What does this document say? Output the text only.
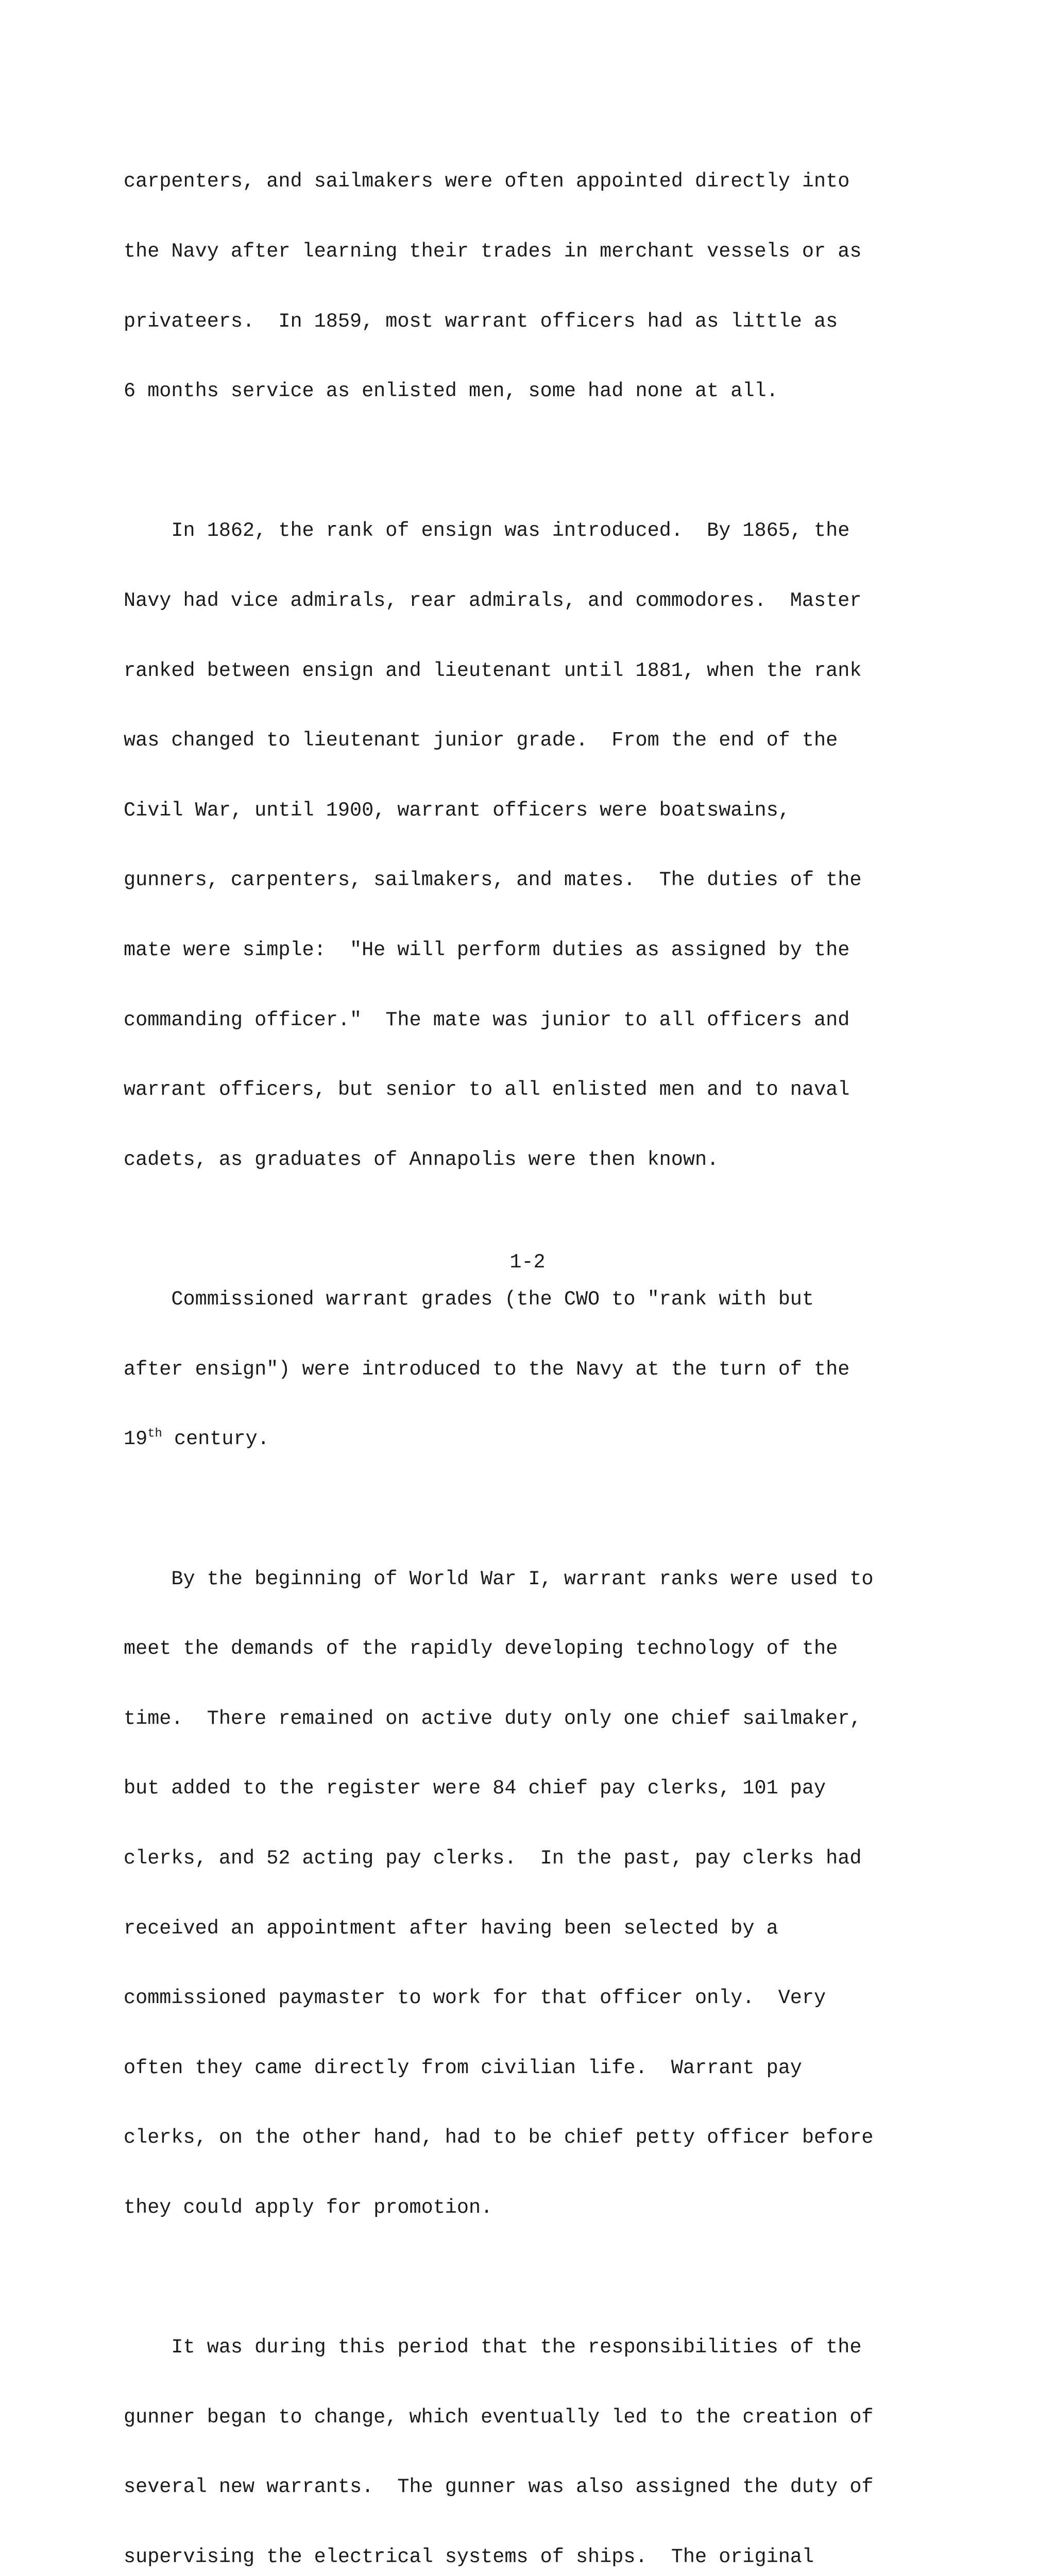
carpenters, and sailmakers were often appointed directly into

the Navy after learning their trades in merchant vessels or as

privateers.  In 1859, most warrant officers had as little as

6 months service as enlisted men, some had none at all.

In 1862, the rank of ensign was introduced.  By 1865, the

Navy had vice admirals, rear admirals, and commodores.  Master

ranked between ensign and lieutenant until 1881, when the rank

was changed to lieutenant junior grade.  From the end of the

Civil War, until 1900, warrant officers were boatswains,

gunners, carpenters, sailmakers, and mates.  The duties of the

mate were simple:  "He will perform duties as assigned by the

commanding officer."  The mate was junior to all officers and

warrant officers, but senior to all enlisted men and to naval

cadets, as graduates of Annapolis were then known.

Commissioned warrant grades (the CWO to "rank with but

after ensign") were introduced to the Navy at the turn of the

19th century.

By the beginning of World War I, warrant ranks were used to

meet the demands of the rapidly developing technology of the

time.  There remained on active duty only one chief sailmaker,

but added to the register were 84 chief pay clerks, 101 pay

clerks, and 52 acting pay clerks.  In the past, pay clerks had

received an appointment after having been selected by a

commissioned paymaster to work for that officer only.  Very

often they came directly from civilian life.  Warrant pay

clerks, on the other hand, had to be chief petty officer before

they could apply for promotion.

It was during this period that the responsibilities of the

gunner began to change, which eventually led to the creation of

several new warrants.  The gunner was also assigned the duty of

supervising the electrical systems of ships.  The original

1-2
